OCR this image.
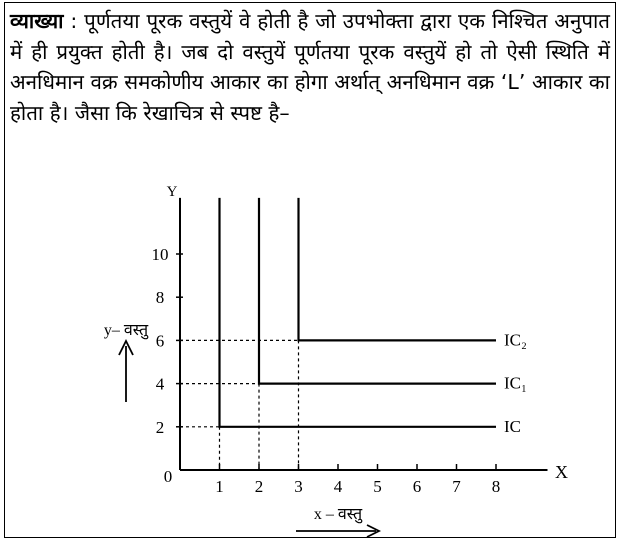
व्याख्या : पूर्णतया पूरक वस्तुयें वे होती है जो उपभोक्ता द्वारा एक निश्चित अनुपात में ही प्रयुक्त होती है। जब दो वस्तुयें पूर्णतया पूरक वस्तुयें हो तो ऐसी स्थिति में अनधिमान वक्र समकोणीय आकार का होगा अर्थात् अनधिमान वक्र ‘L’ आकार का होता है। जैसा कि रेखाचित्र से स्पष्ट है–
Y
X
0
1 2 3 4 5 6 7 8
2
4
6
8
10
IC
IC₁
IC₂
y– वस्तु
x – वस्तु
